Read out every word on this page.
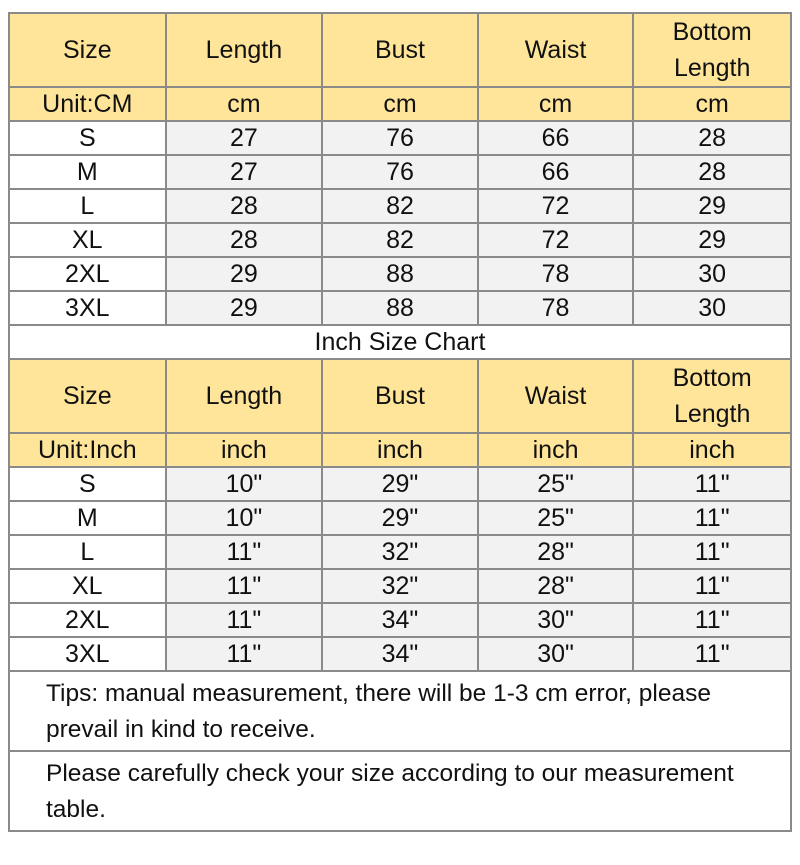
Size	Length	Bust	Waist	Bottom Length
Unit:CM	cm	cm	cm	cm
S	27	76	66	28
M	27	76	66	28
L	28	82	72	29
XL	28	82	72	29
2XL	29	88	78	30
3XL	29	88	78	30
Inch Size Chart				
Size	Length	Bust	Waist	Bottom Length
Unit:Inch	inch	inch	inch	inch
S	10"	29"	25"	11"
M	10"	29"	25"	11"
L	11"	32"	28"	11"
XL	11"	32"	28"	11"
2XL	11"	34"	30"	11"
3XL	11"	34"	30"	11"
Tips: manual measurement, there will be 1-3 cm error, please prevail in kind to receive.				
Please carefully check your size according to our measurement table.				
